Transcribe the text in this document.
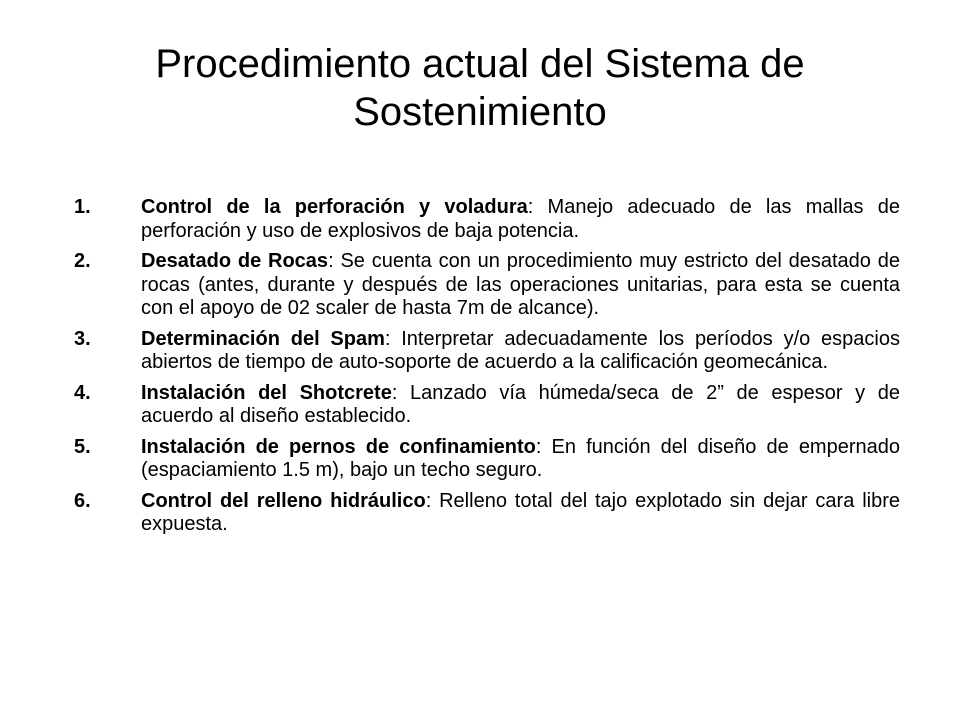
Procedimiento actual del Sistema de Sostenimiento
1.	Control de la perforación y voladura: Manejo adecuado de las mallas de perforación y uso de explosivos de baja potencia.
2.	Desatado de Rocas: Se cuenta con un procedimiento muy estricto del desatado de rocas (antes, durante y después de las operaciones unitarias, para esta se cuenta con el apoyo de 02 scaler de hasta 7m de alcance).
3.	Determinación del Spam: Interpretar adecuadamente los períodos y/o espacios abiertos de tiempo de auto-soporte de acuerdo a la calificación geomecánica.
4.	Instalación del Shotcrete: Lanzado vía húmeda/seca de 2” de espesor y de acuerdo al diseño establecido.
5.	Instalación de pernos de confinamiento: En función del diseño de empernado (espaciamiento 1.5 m), bajo un techo seguro.
6.	Control del relleno hidráulico: Relleno total del tajo explotado sin dejar cara libre expuesta.
